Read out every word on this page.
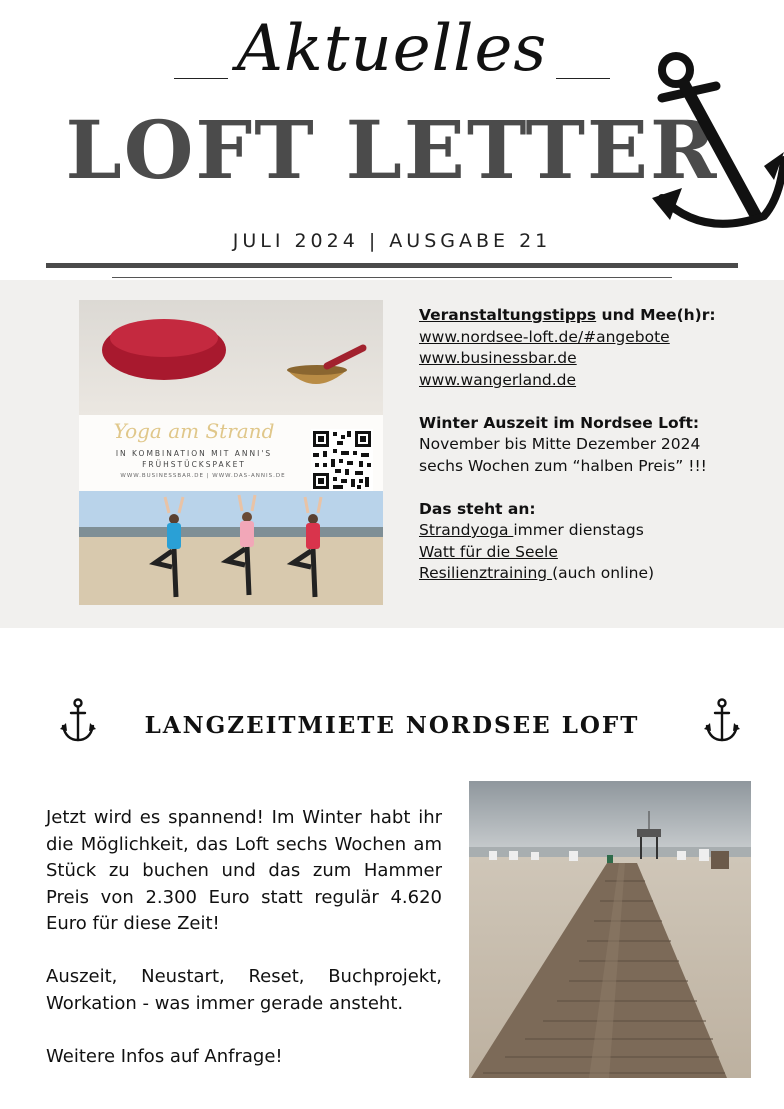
Aktuelles
LOFT LETTER
JULI 2024 | AUSGABE 21
Yoga am Strand
IN KOMBINATION MIT ANNI'S
FRÜHSTÜCKSPAKET
WWW.BUSINESSBAR.DE | WWW.DAS-ANNIS.DE
Veranstaltungstipps und Mee(h)r:
www.nordsee-loft.de/#angebote
www.businessbar.de
www.wangerland.de
Winter Auszeit im Nordsee Loft:
November bis Mitte Dezember 2024
sechs Wochen zum “halben Preis” !!!
Das steht an:
Strandyoga immer dienstags
Watt für die Seele
Resilienztraining (auch online)
LANGZEITMIETE NORDSEE LOFT

Jetzt wird es spannend! Im Winter habt ihr die Möglichkeit, das Loft sechs Wochen am Stück zu buchen und das zum Hammer Preis von 2.300 Euro statt regulär 4.620 Euro für diese Zeit!

Auszeit, Neustart, Reset, Buchprojekt, Workation - was immer gerade ansteht.

Weitere Infos auf Anfrage!
